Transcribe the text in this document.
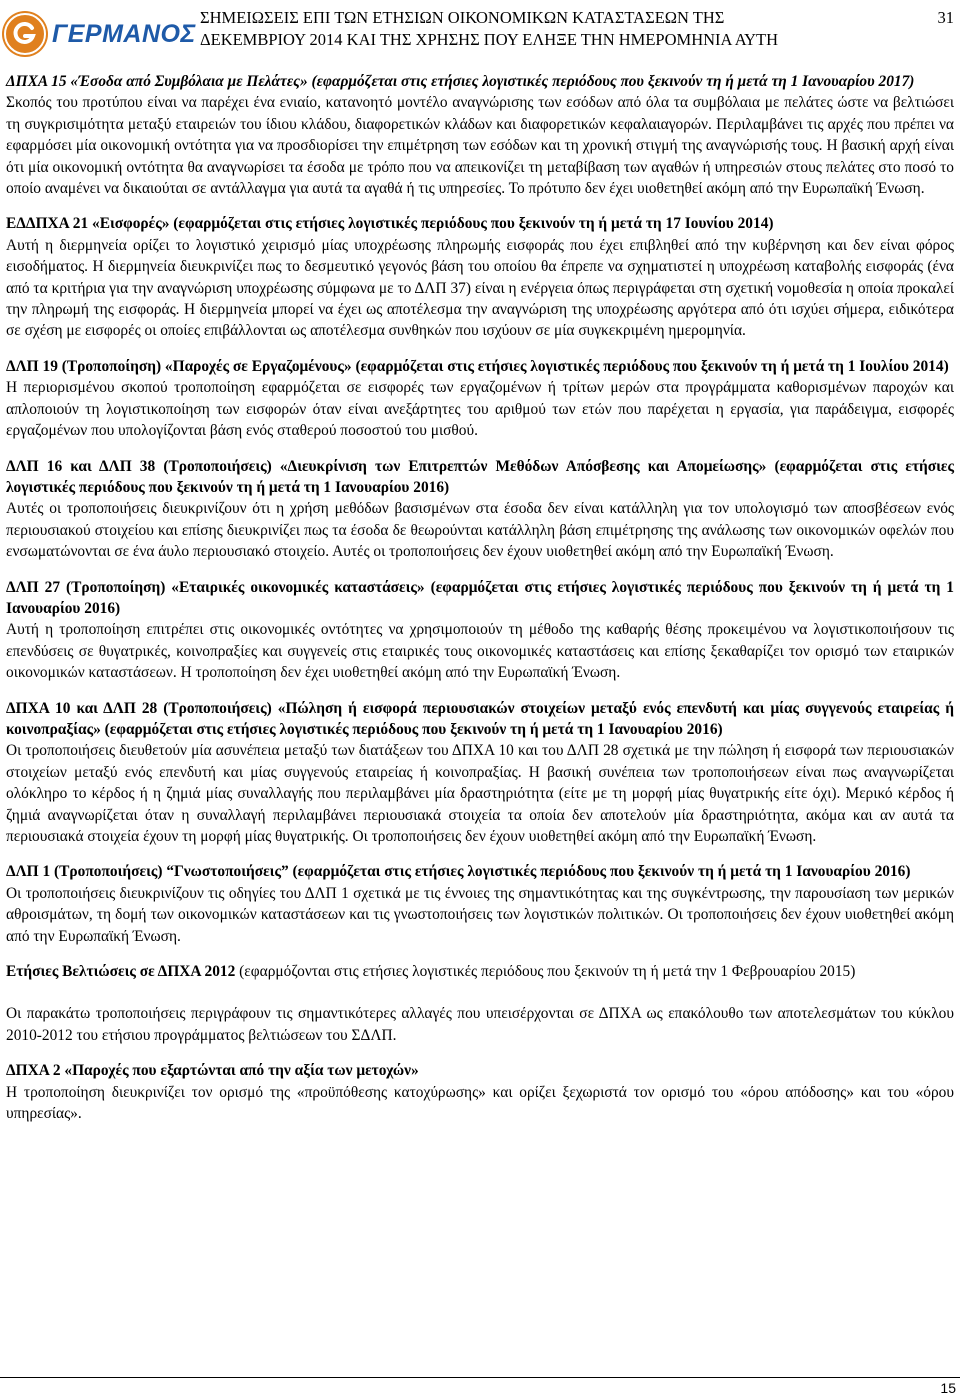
ΓΕΡΜΑΝΟΣ
ΣΗΜΕΙΩΣΕΙΣ ΕΠΙ ΤΩΝ ΕΤΗΣΙΩΝ ΟΙΚΟΝΟΜΙΚΩΝ ΚΑΤΑΣΤΑΣΕΩΝ ΤΗΣ
ΔΕΚΕΜΒΡΙΟΥ 2014 ΚΑΙ ΤΗΣ ΧΡΗΣΗΣ ΠΟΥ ΕΛΗΞΕ ΤΗΝ ΗΜΕΡΟΜΗΝΙΑ ΑΥΤΗ
31
ΔΠΧΑ 15 «Έσοδα από Συμβόλαια με Πελάτες» (εφαρμόζεται στις ετήσιες λογιστικές περιόδους που ξεκινούν τη ή μετά τη 1 Ιανουαρίου 2017)
Σκοπός του προτύπου είναι να παρέχει ένα ενιαίο, κατανοητό μοντέλο αναγνώρισης των εσόδων από όλα τα συμβόλαια με πελάτες ώστε να βελτιώσει τη συγκρισιμότητα μεταξύ εταιρειών του ίδιου κλάδου, διαφορετικών κλάδων και διαφορετικών κεφαλαιαγορών. Περιλαμβάνει τις αρχές που πρέπει να εφαρμόσει μία οικονομική οντότητα για να προσδιορίσει την επιμέτρηση των εσόδων και τη χρονική στιγμή της αναγνώρισής τους. Η βασική αρχή είναι ότι μία οικονομική οντότητα θα αναγνωρίσει τα έσοδα με τρόπο που να απεικονίζει τη μεταβίβαση των αγαθών ή υπηρεσιών στους πελάτες στο ποσό το οποίο αναμένει να δικαιούται σε αντάλλαγμα για αυτά τα αγαθά ή τις υπηρεσίες. Το πρότυπο δεν έχει υιοθετηθεί ακόμη από την Ευρωπαϊκή Ένωση.
ΕΔΔΠΧΑ 21 «Εισφορές» (εφαρμόζεται στις ετήσιες λογιστικές περιόδους που ξεκινούν τη ή μετά τη 17 Ιουνίου 2014)
Αυτή η διερμηνεία ορίζει το λογιστικό χειρισμό μίας υποχρέωσης πληρωμής εισφοράς που έχει επιβληθεί από την κυβέρνηση και δεν είναι φόρος εισοδήματος. Η διερμηνεία διευκρινίζει πως το δεσμευτικό γεγονός βάση του οποίου θα έπρεπε να σχηματιστεί η υποχρέωση καταβολής εισφοράς (ένα από τα κριτήρια για την αναγνώριση υποχρέωσης σύμφωνα με το ΔΛΠ 37) είναι η ενέργεια όπως περιγράφεται στη σχετική νομοθεσία η οποία προκαλεί την πληρωμή της εισφοράς. Η διερμηνεία μπορεί να έχει ως αποτέλεσμα την αναγνώριση της υποχρέωσης αργότερα από ότι ισχύει σήμερα, ειδικότερα σε σχέση με εισφορές οι οποίες επιβάλλονται ως αποτέλεσμα συνθηκών που ισχύουν σε μία συγκεκριμένη ημερομηνία.
ΔΛΠ 19 (Τροποποίηση) «Παροχές σε Εργαζομένους» (εφαρμόζεται στις ετήσιες λογιστικές περιόδους που ξεκινούν τη ή μετά τη 1 Ιουλίου 2014)
Η περιορισμένου σκοπού τροποποίηση εφαρμόζεται σε εισφορές των εργαζομένων ή τρίτων μερών στα προγράμματα καθορισμένων παροχών και απλοποιούν τη λογιστικοποίηση των εισφορών όταν είναι ανεξάρτητες του αριθμού των ετών που παρέχεται η εργασία, για παράδειγμα, εισφορές εργαζομένων που υπολογίζονται βάση ενός σταθερού ποσοστού του μισθού.
ΔΛΠ 16 και ΔΛΠ 38 (Τροποποιήσεις) «Διευκρίνιση των Επιτρεπτών Μεθόδων Απόσβεσης και Απομείωσης» (εφαρμόζεται στις ετήσιες λογιστικές περιόδους που ξεκινούν τη ή μετά τη 1 Ιανουαρίου 2016)
Αυτές οι τροποποιήσεις διευκρινίζουν ότι η χρήση μεθόδων βασισμένων στα έσοδα δεν είναι κατάλληλη για τον υπολογισμό των αποσβέσεων ενός περιουσιακού στοιχείου και επίσης διευκρινίζει πως τα έσοδα δε θεωρούνται κατάλληλη βάση επιμέτρησης της ανάλωσης των οικονομικών οφελών που ενσωματώνονται σε ένα άυλο περιουσιακό στοιχείο. Αυτές οι τροποποιήσεις δεν έχουν υιοθετηθεί ακόμη από την Ευρωπαϊκή Ένωση.
ΔΛΠ 27 (Τροποποίηση) «Εταιρικές οικονομικές καταστάσεις» (εφαρμόζεται στις ετήσιες λογιστικές περιόδους που ξεκινούν τη ή μετά τη 1 Ιανουαρίου 2016)
Αυτή η τροποποίηση επιτρέπει στις οικονομικές οντότητες να χρησιμοποιούν τη μέθοδο της καθαρής θέσης προκειμένου να λογιστικοποιήσουν τις επενδύσεις σε θυγατρικές, κοινοπραξίες και συγγενείς στις εταιρικές τους οικονομικές καταστάσεις και επίσης ξεκαθαρίζει τον ορισμό των εταιρικών οικονομικών καταστάσεων. Η τροποποίηση δεν έχει υιοθετηθεί ακόμη από την Ευρωπαϊκή Ένωση.
ΔΠΧΑ 10 και ΔΛΠ 28 (Τροποποιήσεις) «Πώληση ή εισφορά περιουσιακών στοιχείων μεταξύ ενός επενδυτή και μίας συγγενούς εταιρείας ή κοινοπραξίας» (εφαρμόζεται στις ετήσιες λογιστικές περιόδους που ξεκινούν τη ή μετά τη 1 Ιανουαρίου 2016)
Οι τροποποιήσεις διευθετούν μία ασυνέπεια μεταξύ των διατάξεων του ΔΠΧΑ 10 και του ΔΛΠ 28 σχετικά με την πώληση ή εισφορά των περιουσιακών στοιχείων μεταξύ ενός επενδυτή και μίας συγγενούς εταιρείας ή κοινοπραξίας. Η βασική συνέπεια των τροποποιήσεων είναι πως αναγνωρίζεται ολόκληρο το κέρδος ή η ζημιά μίας συναλλαγής που περιλαμβάνει μία δραστηριότητα (είτε με τη μορφή μίας θυγατρικής είτε όχι). Μερικό κέρδος ή ζημιά αναγνωρίζεται όταν η συναλλαγή περιλαμβάνει περιουσιακά στοιχεία τα οποία δεν αποτελούν μία δραστηριότητα, ακόμα και αν αυτά τα περιουσιακά στοιχεία έχουν τη μορφή μίας θυγατρικής. Οι τροποποιήσεις δεν έχουν υιοθετηθεί ακόμη από την Ευρωπαϊκή Ένωση.
ΔΛΠ 1 (Τροποποιήσεις) “Γνωστοποιήσεις” (εφαρμόζεται στις ετήσιες λογιστικές περιόδους που ξεκινούν τη ή μετά τη 1 Ιανουαρίου 2016)
Οι τροποποιήσεις διευκρινίζουν τις οδηγίες του ΔΛΠ 1 σχετικά με τις έννοιες της σημαντικότητας και της συγκέντρωσης, την παρουσίαση των μερικών αθροισμάτων, τη δομή των οικονομικών καταστάσεων και τις γνωστοποιήσεις των λογιστικών πολιτικών. Οι τροποποιήσεις δεν έχουν υιοθετηθεί ακόμη από την Ευρωπαϊκή Ένωση.
Ετήσιες Βελτιώσεις σε ΔΠΧΑ 2012 (εφαρμόζονται στις ετήσιες λογιστικές περιόδους που ξεκινούν τη ή μετά την 1 Φεβρουαρίου 2015)
Οι παρακάτω τροποποιήσεις περιγράφουν τις σημαντικότερες αλλαγές που υπεισέρχονται σε ΔΠΧΑ ως επακόλουθο των αποτελεσμάτων του κύκλου 2010-2012 του ετήσιου προγράμματος βελτιώσεων του ΣΔΛΠ.
ΔΠΧΑ 2 «Παροχές που εξαρτώνται από την αξία των μετοχών»
Η τροποποίηση διευκρινίζει τον ορισμό της «προϋπόθεσης κατοχύρωσης» και ορίζει ξεχωριστά τον ορισμό του «όρου απόδοσης» και του «όρου υπηρεσίας».
15
